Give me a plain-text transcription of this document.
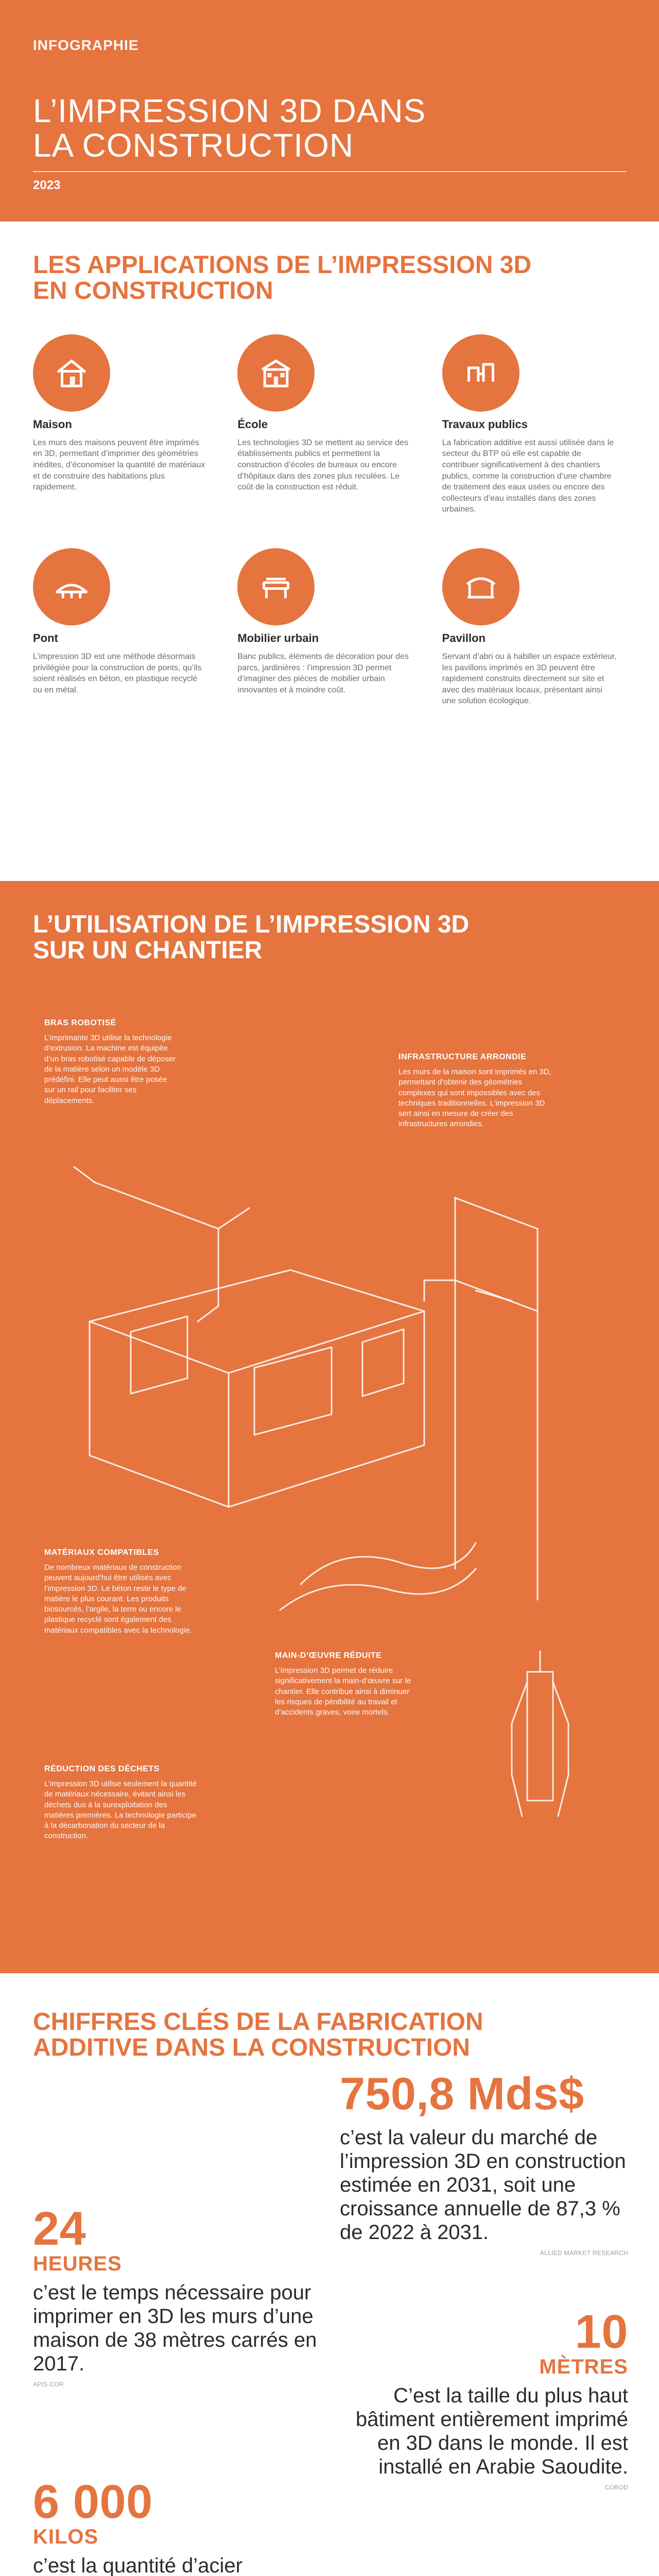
INFOGRAPHIE
L’IMPRESSION 3D DANS
LA CONSTRUCTION
2023
LES APPLICATIONS DE L’IMPRESSION 3D
EN CONSTRUCTION
Maison
Les murs des maisons peuvent être imprimés en 3D, permettant d’imprimer des géométries inédites, d’économiser la quantité de matériaux et de construire des habitations plus rapidement.
École
Les technologies 3D se mettent au service des établissements publics et permettent la construction d’écoles de bureaux ou encore d’hôpitaux dans des zones plus reculées. Le coût de la construction est réduit.
Travaux publics
La fabrication additive est aussi utilisée dans le secteur du BTP où elle est capable de contribuer significativement à des chantiers publics, comme la construction d’une chambre de traitement des eaux usées ou encore des collecteurs d’eau installés dans des zones urbaines.
Pont
L’impression 3D est une méthode désormais privilégiée pour la construction de ponts, qu’ils soient réalisés en béton, en plastique recyclé ou en métal.
Mobilier urbain
Banc publics, éléments de décoration pour des parcs, jardinières : l’impression 3D permet d’imaginer des pièces de mobilier urbain innovantes et à moindre coût.
Pavillon
Servant d’abri ou à habiller un espace extérieur, les pavillons imprimés en 3D peuvent être rapidement construits directement sur site et avec des matériaux locaux, présentant ainsi une solution écologique.
L’UTILISATION DE L’IMPRESSION 3D
SUR UN CHANTIER
BRAS ROBOTISÉ
L’imprimante 3D utilise la technologie d’extrusion. La machine est équipée d’un bras robotisé capable de déposer de la matière selon un modèle 3D prédéfini. Elle peut aussi être posée sur un rail pour faciliter ses déplacements.
INFRASTRUCTURE ARRONDIE
Les murs de la maison sont imprimés en 3D, permettant d’obtenir des géométries complexes qui sont impossibles avec des techniques traditionnelles. L’impression 3D sert ainsi en mesure de créer des infrastructures arrondies.
MATÉRIAUX COMPATIBLES
De nombreux matériaux de construction peuvent aujourd’hui être utilisés avec l’impression 3D. Le béton reste le type de matière le plus courant. Les produits biosourcés, l’argile, la terre ou encore le plastique recyclé sont également des matériaux compatibles avec la technologie.
MAIN-D’ŒUVRE RÉDUITE
L’impression 3D permet de réduire significativement la main-d’œuvre sur le chantier. Elle contribue ainsi à diminuer les risques de pénibilité au travail et d’accidents graves, voire mortels.
RÉDUCTION DES DÉCHETS
L’impression 3D utilise seulement la quantité de matériaux nécessaire, évitant ainsi les déchets dus à la surexploitation des matières premières. La technologie participe à la décarbonation du secteur de la construction.
CHIFFRES CLÉS DE LA FABRICATION
ADDITIVE DANS LA CONSTRUCTION
750,8 Mds$
c’est la valeur du marché de l’impression 3D en construction estimée en 2031, soit une croissance annuelle de 87,3 % de 2022 à 2031.
ALLIED MARKET RESEARCH
24
HEURES
c’est le temps nécessaire pour imprimer en 3D les murs d’une maison de 38 mètres carrés en 2017.
APIS COR
10
MÈTRES
C’est la taille du plus haut bâtiment entièrement imprimé en 3D dans le monde. Il est installé en Arabie Saoudite.
COBOD
6 000
KILOS
c’est la quantité d’acier
